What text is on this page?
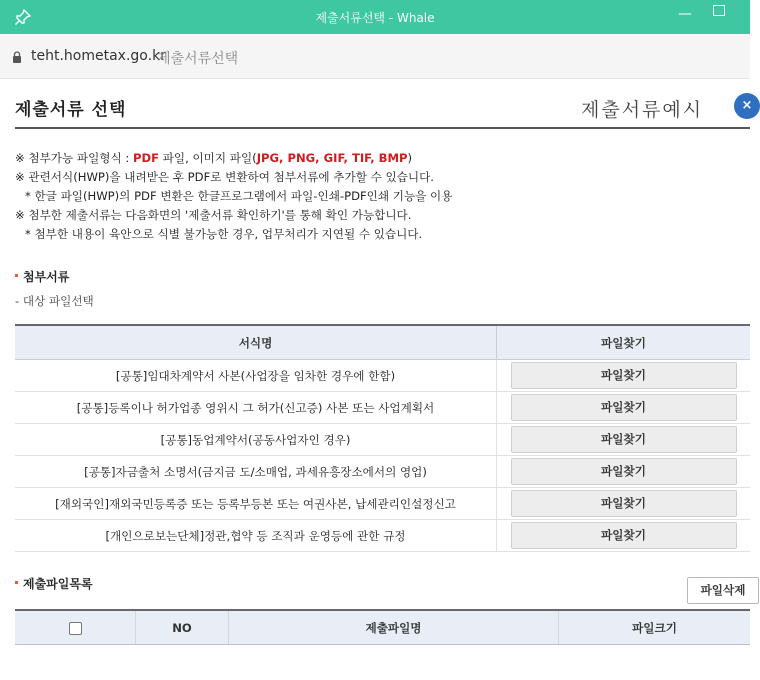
제출서류선택 - Whale	—
teht.hometax.go.kr
제출서류선택
제출서류 선택	제출서류예시	×
※ 첨부가능 파일형식 : PDF 파일, 이미지 파일(JPG, PNG, GIF, TIF, BMP)
※ 관련서식(HWP)을 내려받은 후 PDF로 변환하여 첨부서류에 추가할 수 있습니다.
* 한글 파일(HWP)의 PDF 변환은 한글프로그램에서 파일-인쇄-PDF인쇄 기능을 이용
※ 첨부한 제출서류는 다음화면의 '제출서류 확인하기'를 통해 확인 가능합니다.
* 첨부한 내용이 육안으로 식별 불가능한 경우, 업무처리가 지연될 수 있습니다.
첨부서류
- 대상 파일선택
서식명	파일찾기
[공통]임대차계약서 사본(사업장을 임차한 경우에 한함)	파일찾기
[공통]등록이나 허가업종 영위시 그 허가(신고증) 사본 또는 사업계획서	파일찾기
[공통]동업계약서(공동사업자인 경우)	파일찾기
[공통]자금출처 소명서(금지금 도/소매업, 과세유흥장소에서의 영업)	파일찾기
[재외국인]재외국민등록증 또는 등록부등본 또는 여권사본, 납세관리인설정신고	파일찾기
[개인으로보는단체]정관,협약 등 조직과 운영등에 관한 규정	파일찾기
제출파일목록	파일삭제
	NO	제출파일명	파일크기
